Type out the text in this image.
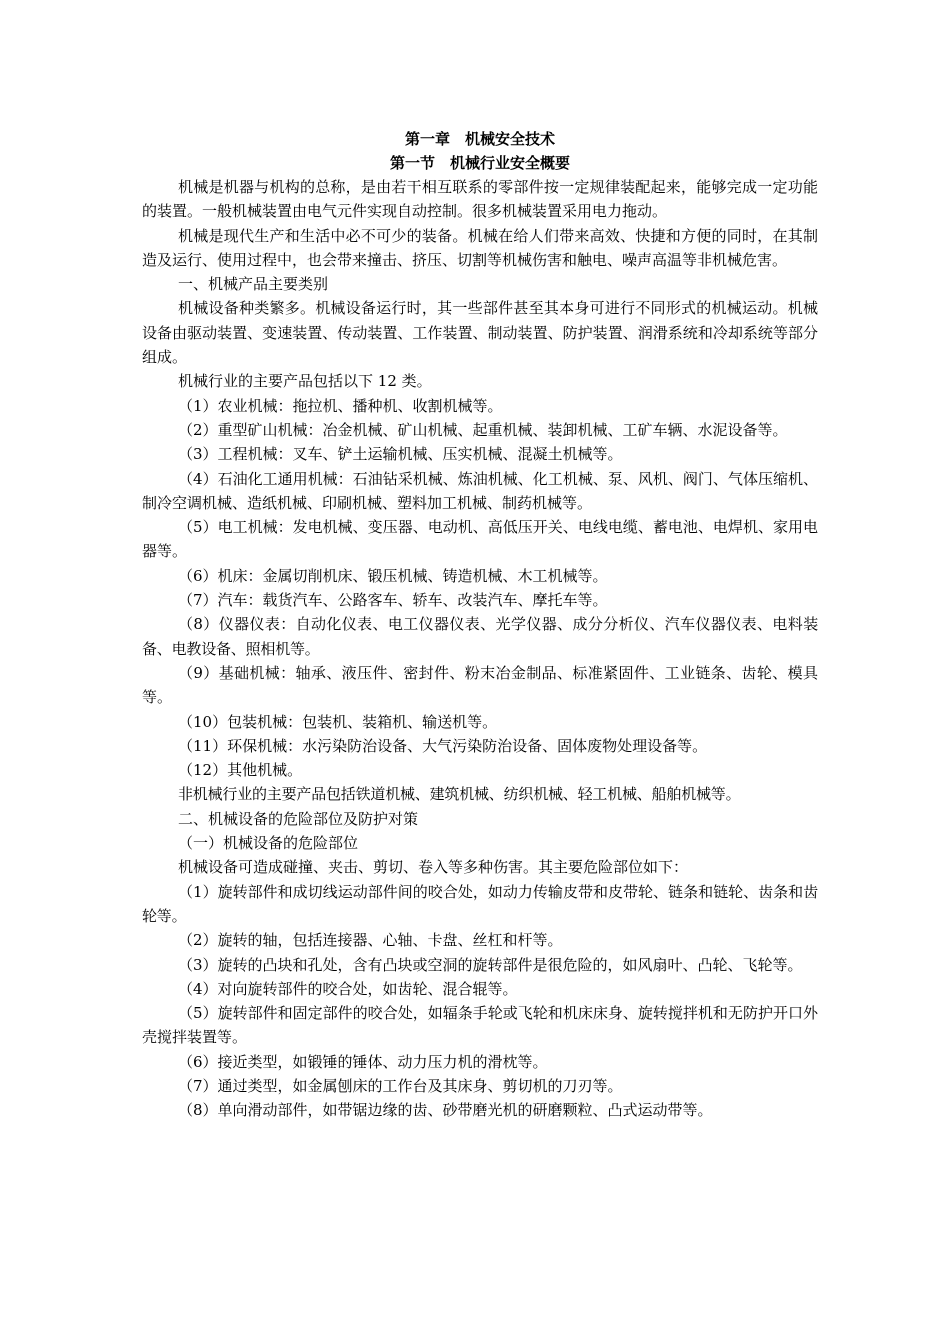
第一章　机械安全技术
第一节　机械行业安全概要

机械是机器与机构的总称，是由若干相互联系的零部件按一定规律装配起来，能够完成一定功能的装置。一般机械装置由电气元件实现自动控制。很多机械装置采用电力拖动。

机械是现代生产和生活中必不可少的装备。机械在给人们带来高效、快捷和方便的同时，在其制造及运行、使用过程中，也会带来撞击、挤压、切割等机械伤害和触电、噪声高温等非机械危害。

一、机械产品主要类别

机械设备种类繁多。机械设备运行时，其一些部件甚至其本身可进行不同形式的机械运动。机械设备由驱动装置、变速装置、传动装置、工作装置、制动装置、防护装置、润滑系统和冷却系统等部分组成。

机械行业的主要产品包括以下 12 类。

（1）农业机械：拖拉机、播种机、收割机械等。

（2）重型矿山机械：冶金机械、矿山机械、起重机械、装卸机械、工矿车辆、水泥设备等。

（3）工程机械：叉车、铲土运输机械、压实机械、混凝土机械等。

（4）石油化工通用机械：石油钻采机械、炼油机械、化工机械、泵、风机、阀门、气体压缩机、制冷空调机械、造纸机械、印刷机械、塑料加工机械、制药机械等。

（5）电工机械：发电机械、变压器、电动机、高低压开关、电线电缆、蓄电池、电焊机、家用电器等。

（6）机床：金属切削机床、锻压机械、铸造机械、木工机械等。

（7）汽车：载货汽车、公路客车、轿车、改装汽车、摩托车等。

（8）仪器仪表：自动化仪表、电工仪器仪表、光学仪器、成分分析仪、汽车仪器仪表、电料装备、电教设备、照相机等。

（9）基础机械：轴承、液压件、密封件、粉末冶金制品、标准紧固件、工业链条、齿轮、模具等。

（10）包装机械：包装机、装箱机、输送机等。

（11）环保机械：水污染防治设备、大气污染防治设备、固体废物处理设备等。

（12）其他机械。

非机械行业的主要产品包括铁道机械、建筑机械、纺织机械、轻工机械、船舶机械等。

二、机械设备的危险部位及防护对策

（一）机械设备的危险部位

机械设备可造成碰撞、夹击、剪切、卷入等多种伤害。其主要危险部位如下：

（1）旋转部件和成切线运动部件间的咬合处，如动力传输皮带和皮带轮、链条和链轮、齿条和齿轮等。

（2）旋转的轴，包括连接器、心轴、卡盘、丝杠和杆等。

（3）旋转的凸块和孔处，含有凸块或空洞的旋转部件是很危险的，如风扇叶、凸轮、飞轮等。

（4）对向旋转部件的咬合处，如齿轮、混合辊等。

（5）旋转部件和固定部件的咬合处，如辐条手轮或飞轮和机床床身、旋转搅拌机和无防护开口外壳搅拌装置等。

（6）接近类型，如锻锤的锤体、动力压力机的滑枕等。

（7）通过类型，如金属刨床的工作台及其床身、剪切机的刀刃等。

（8）单向滑动部件，如带锯边缘的齿、砂带磨光机的研磨颗粒、凸式运动带等。
